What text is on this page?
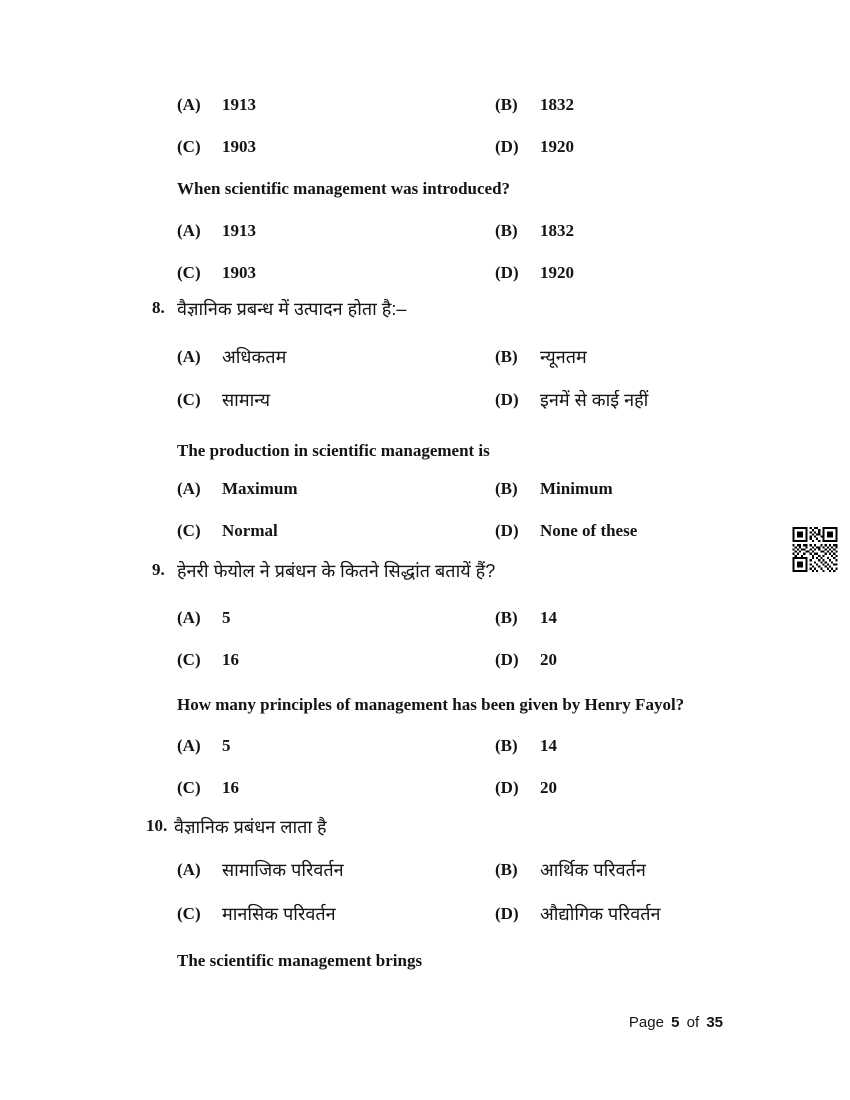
(A) 1913	(B) 1832
(C) 1903	(D) 1920
When scientific management was introduced?
(A) 1913	(B) 1832
(C) 1903	(D) 1920
8. वैज्ञानिक प्रबन्ध में उत्पादन होता है:–
(A) अधिकतम	(B) न्यूनतम
(C) सामान्य	(D) इनमें से काई नहीं
The production in scientific management is
(A) Maximum	(B) Minimum
(C) Normal	(D) None of these
9. हेनरी फेयोल ने प्रबंधन के कितने सिद्धांत बतायें हैं?
(A) 5	(B) 14
(C) 16	(D) 20
How many principles of management has been given by Henry Fayol?
(A) 5	(B) 14
(C) 16	(D) 20
10. वैज्ञानिक प्रबंधन लाता है
(A) सामाजिक परिवर्तन	(B) आर्थिक परिवर्तन
(C) मानसिक परिवर्तन	(D) औद्योगिक परिवर्तन
The scientific management brings
Page 5 of 35
